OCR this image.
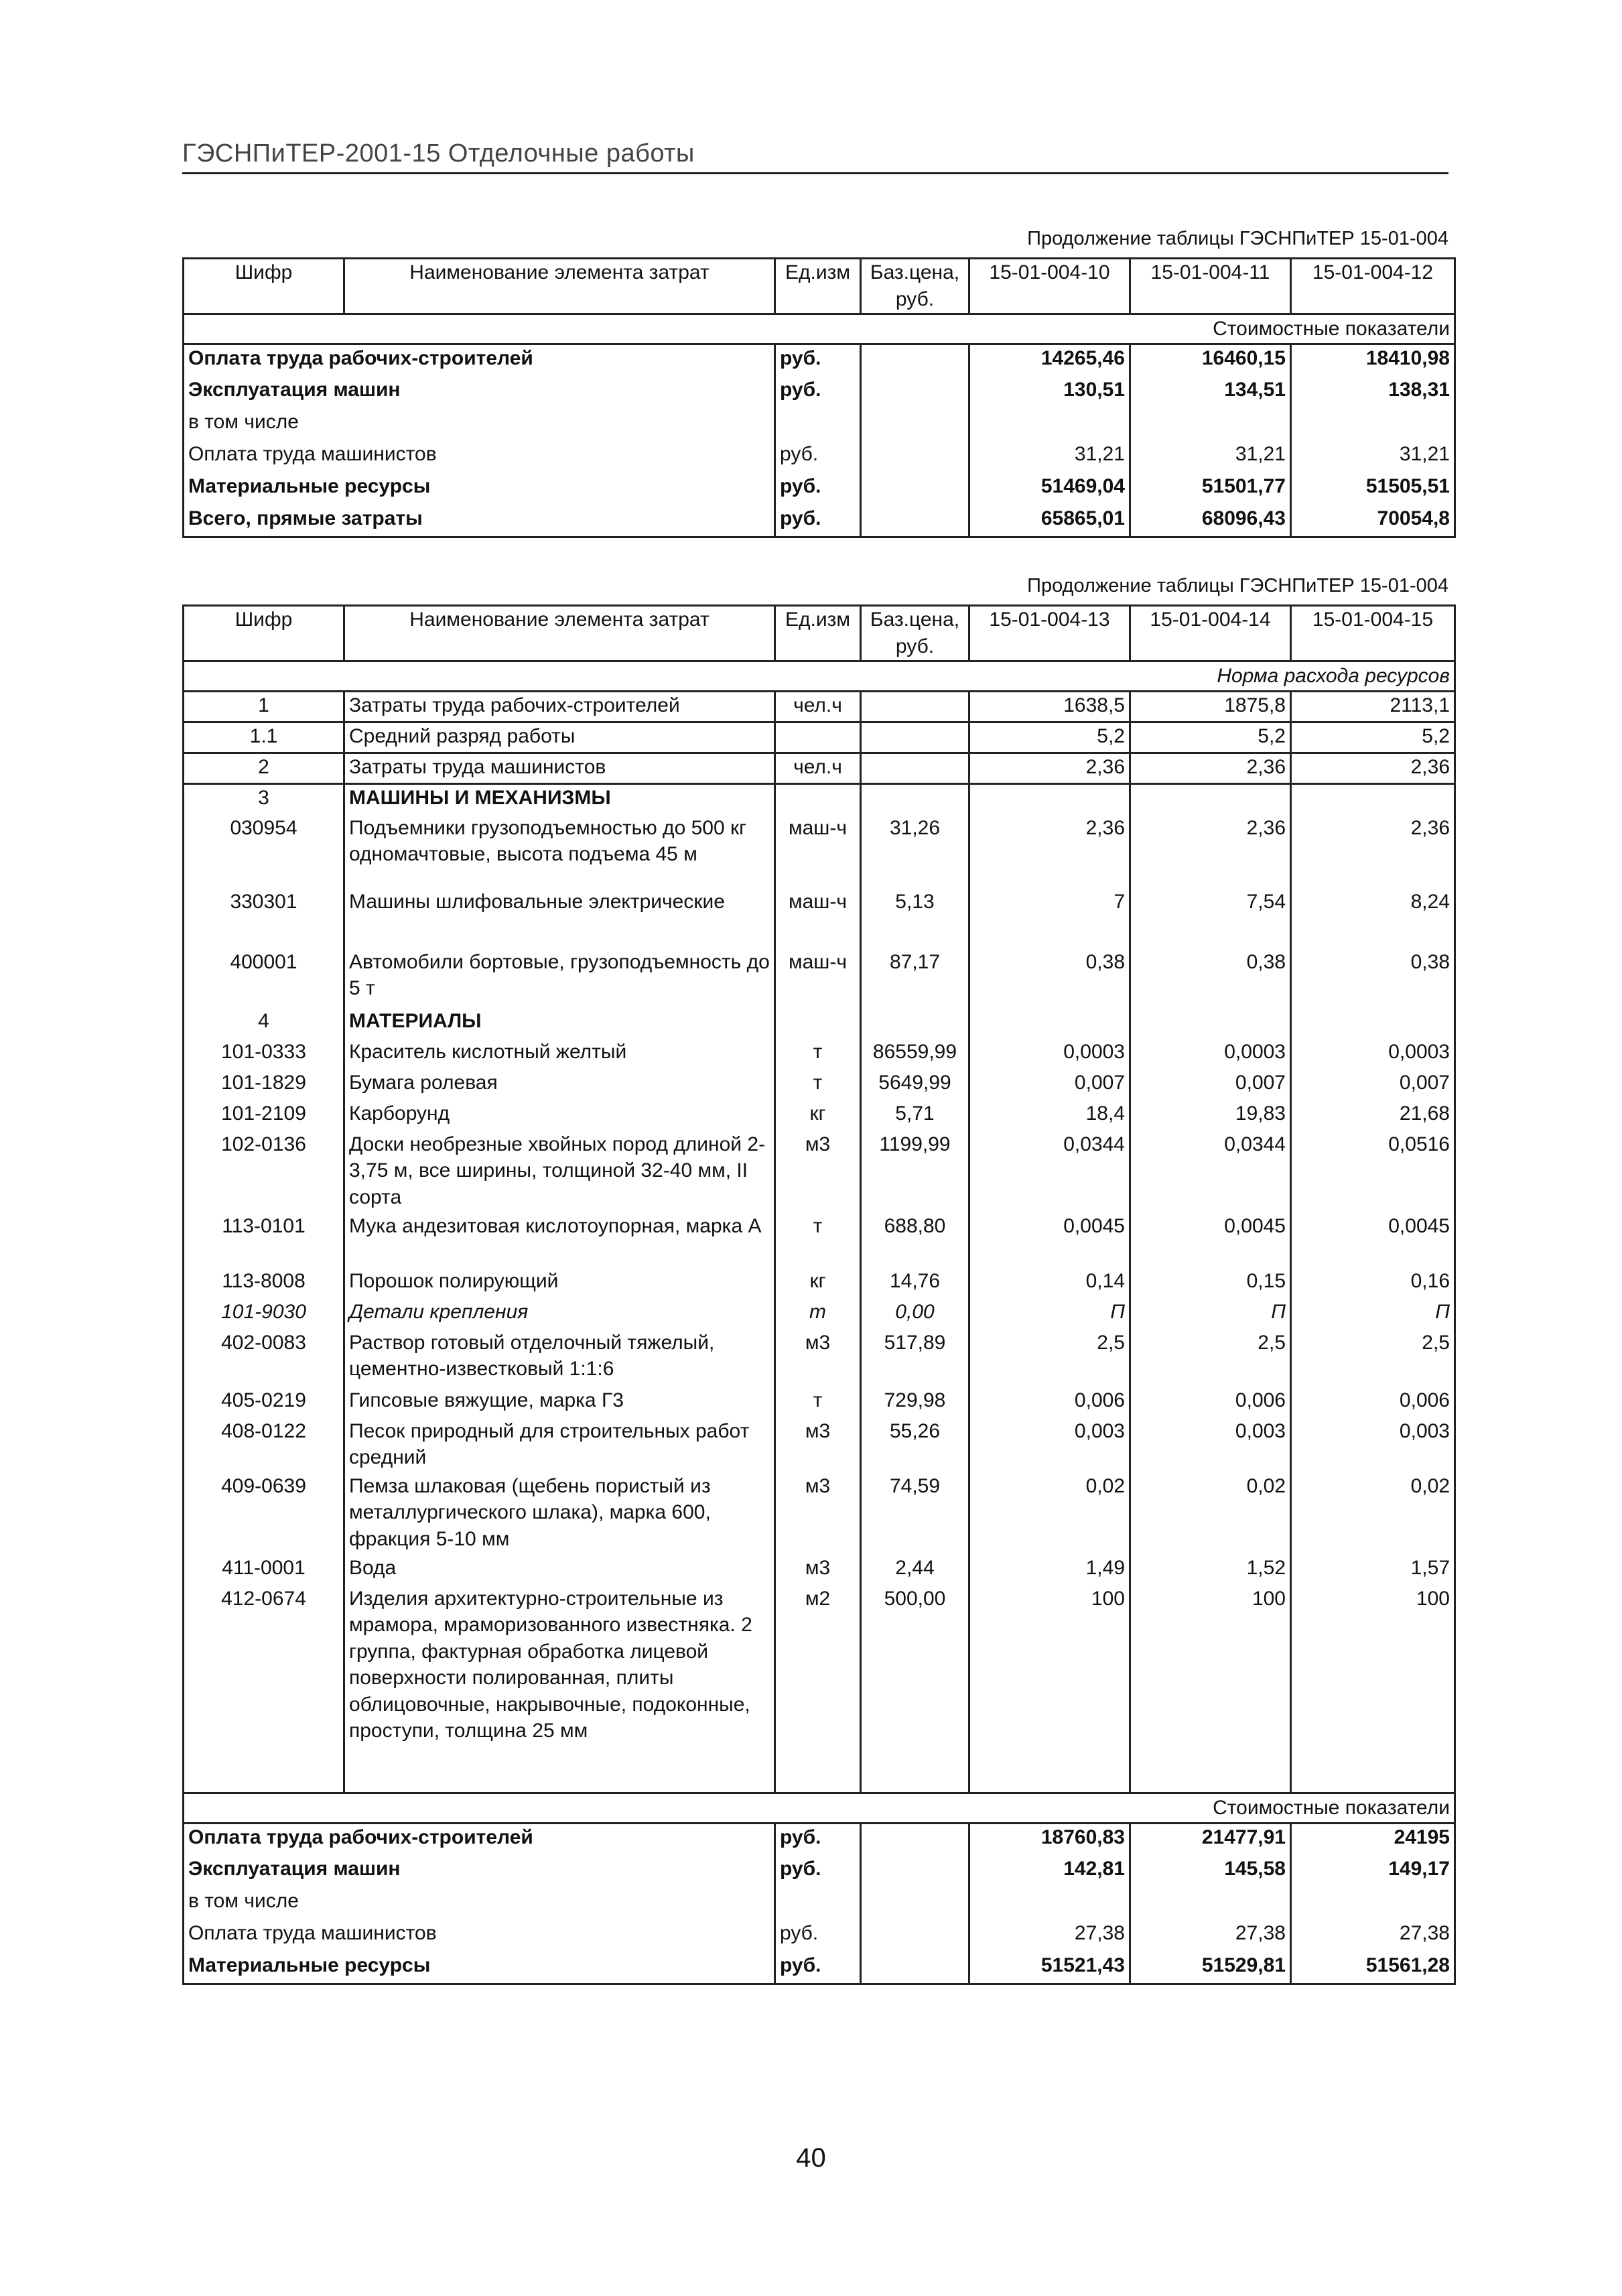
ГЭСНПиТЕР-2001-15 Отделочные работы
Продолжение таблицы ГЭСНПиТЕР 15-01-004
Шифр	Наименование элемента затрат	Ед.изм	Баз.цена, руб.	15-01-004-10	15-01-004-11	15-01-004-12
Стоимостные показатели						
Оплата труда рабочих-строителей		руб.		14265,46	16460,15	18410,98
Эксплуатация машин		руб.		130,51	134,51	138,31
в том числе						
Оплата труда машинистов		руб.		31,21	31,21	31,21
Материальные ресурсы		руб.		51469,04	51501,77	51505,51
Всего, прямые затраты		руб.		65865,01	68096,43	70054,8
Продолжение таблицы ГЭСНПиТЕР 15-01-004
Шифр	Наименование элемента затрат	Ед.изм	Баз.цена, руб.	15-01-004-13	15-01-004-14	15-01-004-15
Норма расхода ресурсов						
1	Затраты труда рабочих-строителей	чел.ч		1638,5	1875,8	2113,1
1.1	Средний разряд работы			5,2	5,2	5,2
2	Затраты труда машинистов	чел.ч		2,36	2,36	2,36
3	МАШИНЫ И МЕХАНИЗМЫ					
030954	Подъемники грузоподъемностью до 500 кг одномачтовые, высота подъема 45 м	маш-ч	31,26	2,36	2,36	2,36
330301	Машины шлифовальные электрические	маш-ч	5,13	7	7,54	8,24
400001	Автомобили бортовые, грузоподъемность до 5 т	маш-ч	87,17	0,38	0,38	0,38
4	МАТЕРИАЛЫ					
101-0333	Краситель кислотный желтый	т	86559,99	0,0003	0,0003	0,0003
101-1829	Бумага ролевая	т	5649,99	0,007	0,007	0,007
101-2109	Карборунд	кг	5,71	18,4	19,83	21,68
102-0136	Доски необрезные хвойных пород длиной 2-3,75 м, все ширины, толщиной 32-40 мм, II сорта	м3	1199,99	0,0344	0,0344	0,0516
113-0101	Мука андезитовая кислотоупорная, марка А	т	688,80	0,0045	0,0045	0,0045
113-8008	Порошок полирующий	кг	14,76	0,14	0,15	0,16
101-9030	Детали крепления	т	0,00	П	П	П
402-0083	Раствор готовый отделочный тяжелый, цементно-известковый 1:1:6	м3	517,89	2,5	2,5	2,5
405-0219	Гипсовые вяжущие, марка Г3	т	729,98	0,006	0,006	0,006
408-0122	Песок природный для строительных работ средний	м3	55,26	0,003	0,003	0,003
409-0639	Пемза шлаковая (щебень пористый из металлургического шлака), марка 600, фракция 5-10 мм	м3	74,59	0,02	0,02	0,02
411-0001	Вода	м3	2,44	1,49	1,52	1,57
412-0674	Изделия архитектурно-строительные из мрамора, мраморизованного известняка. 2 группа, фактурная обработка лицевой поверхности полированная, плиты облицовочные, накрывочные, подоконные, проступи, толщина 25 мм	м2	500,00	100	100	100
Стоимостные показатели						
Оплата труда рабочих-строителей		руб.		18760,83	21477,91	24195
Эксплуатация машин		руб.		142,81	145,58	149,17
в том числе						
Оплата труда машинистов		руб.		27,38	27,38	27,38
Материальные ресурсы		руб.		51521,43	51529,81	51561,28
40
